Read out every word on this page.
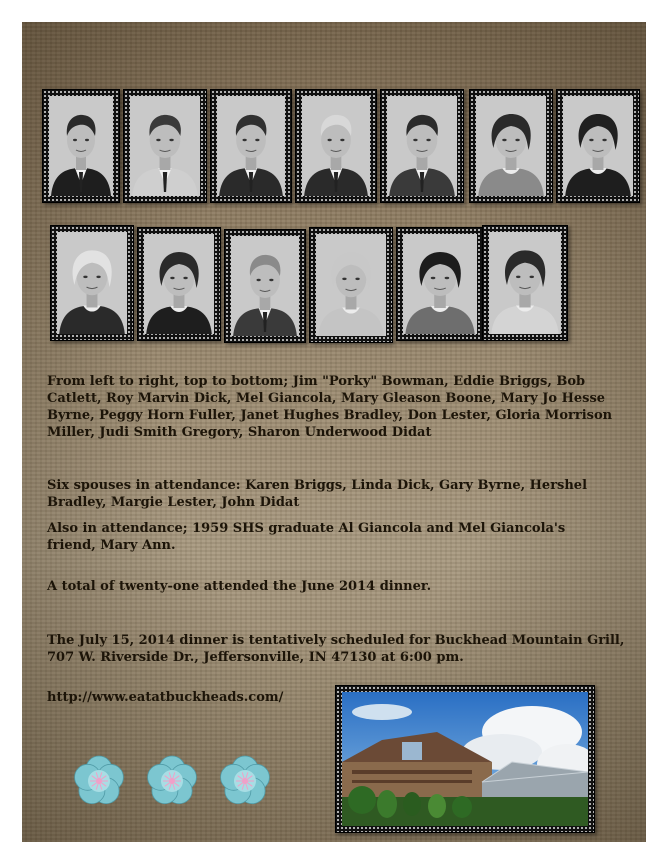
From left to right, top to bottom; Jim "Porky" Bowman, Eddie Briggs, Bob Catlett, Roy Marvin Dick, Mel Giancola, Mary Gleason Boone, Mary Jo Hesse Byrne, Peggy Horn Fuller, Janet Hughes Bradley, Don Lester, Gloria Morrison Miller, Judi Smith Gregory, Sharon Underwood Didat
Six spouses in attendance: Karen Briggs, Linda Dick, Gary Byrne, Hershel Bradley, Margie Lester, John Didat
Also in attendance; 1959 SHS graduate Al Giancola and Mel Giancola's friend, Mary Ann.
A total of twenty-one attended the June 2014 dinner.
The July 15, 2014 dinner is tentatively scheduled for Buckhead Mountain Grill, 707 W. Riverside Dr., Jeffersonville, IN 47130 at 6:00 pm.
http://www.eatatbuckheads.com/
